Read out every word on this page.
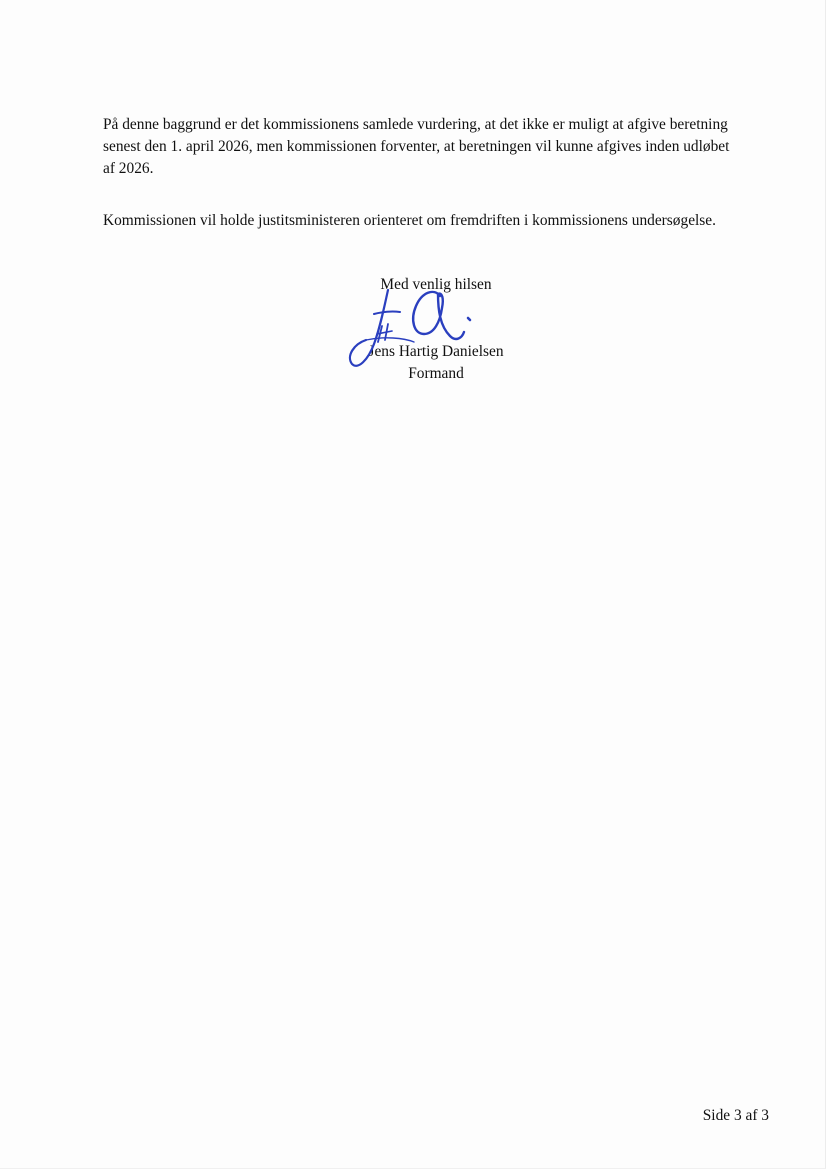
På denne baggrund er det kommissionens samlede vurdering, at det ikke er muligt at afgive beretning
senest den 1. april 2026, men kommissionen forventer, at beretningen vil kunne afgives inden udløbet
af 2026.

Kommissionen vil holde justitsministeren orienteret om fremdriften i kommissionens undersøgelse.

Med venlig hilsen
Jens Hartig Danielsen
Formand
Side 3 af 3
